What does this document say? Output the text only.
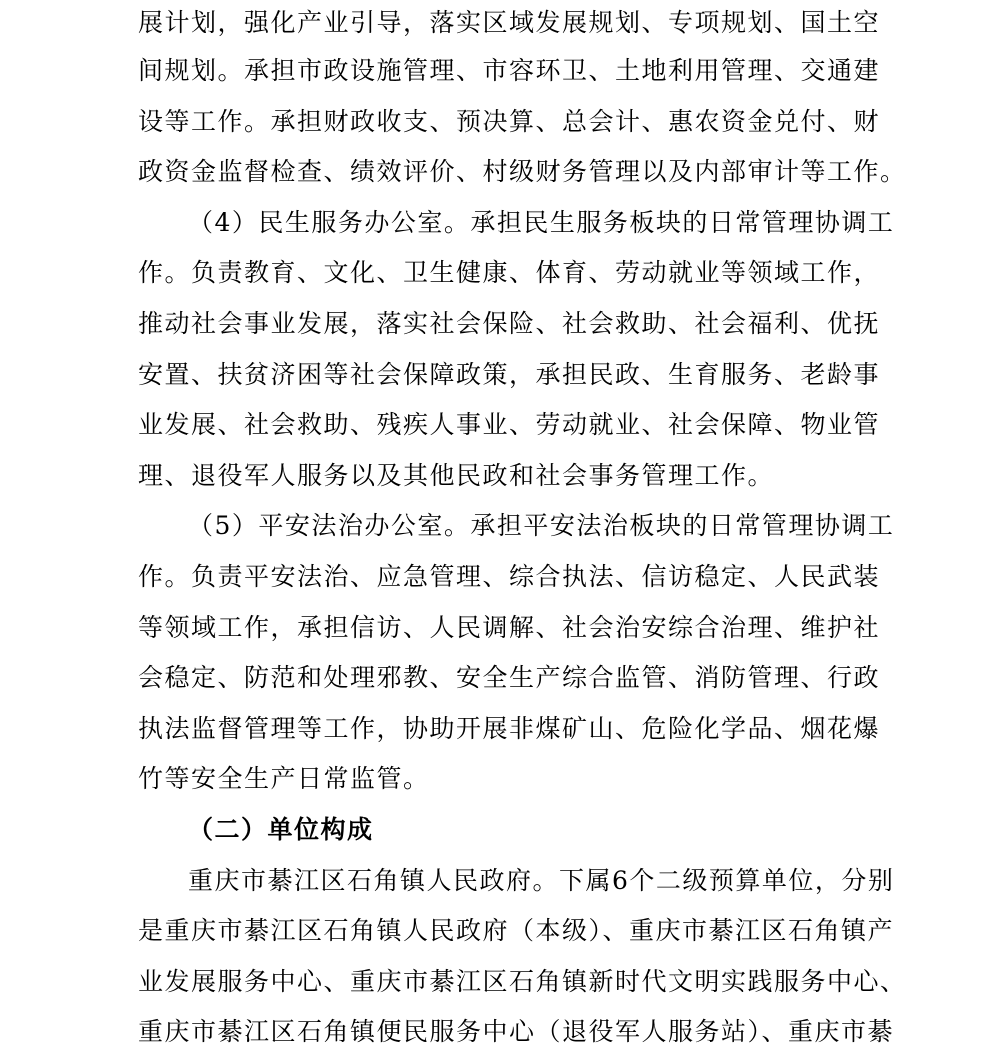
展计划，强化产业引导，落实区域发展规划、专项规划、国土空
间规划。承担市政设施管理、市容环卫、土地利用管理、交通建
设等工作。承担财政收支、预决算、总会计、惠农资金兑付、财
政资金监督检查、绩效评价、村级财务管理以及内部审计等工作。
（4）民生服务办公室。承担民生服务板块的日常管理协调工
作。负责教育、文化、卫生健康、体育、劳动就业等领域工作，
推动社会事业发展，落实社会保险、社会救助、社会福利、优抚
安置、扶贫济困等社会保障政策，承担民政、生育服务、老龄事
业发展、社会救助、残疾人事业、劳动就业、社会保障、物业管
理、退役军人服务以及其他民政和社会事务管理工作。
（5）平安法治办公室。承担平安法治板块的日常管理协调工
作。负责平安法治、应急管理、综合执法、信访稳定、人民武装
等领域工作，承担信访、人民调解、社会治安综合治理、维护社
会稳定、防范和处理邪教、安全生产综合监管、消防管理、行政
执法监督管理等工作，协助开展非煤矿山、危险化学品、烟花爆
竹等安全生产日常监管。
（二）单位构成
重庆市綦江区石角镇人民政府。下属6个二级预算单位，分别
是重庆市綦江区石角镇人民政府（本级）、重庆市綦江区石角镇产
业发展服务中心、重庆市綦江区石角镇新时代文明实践服务中心、
重庆市綦江区石角镇便民服务中心（退役军人服务站）、重庆市綦
